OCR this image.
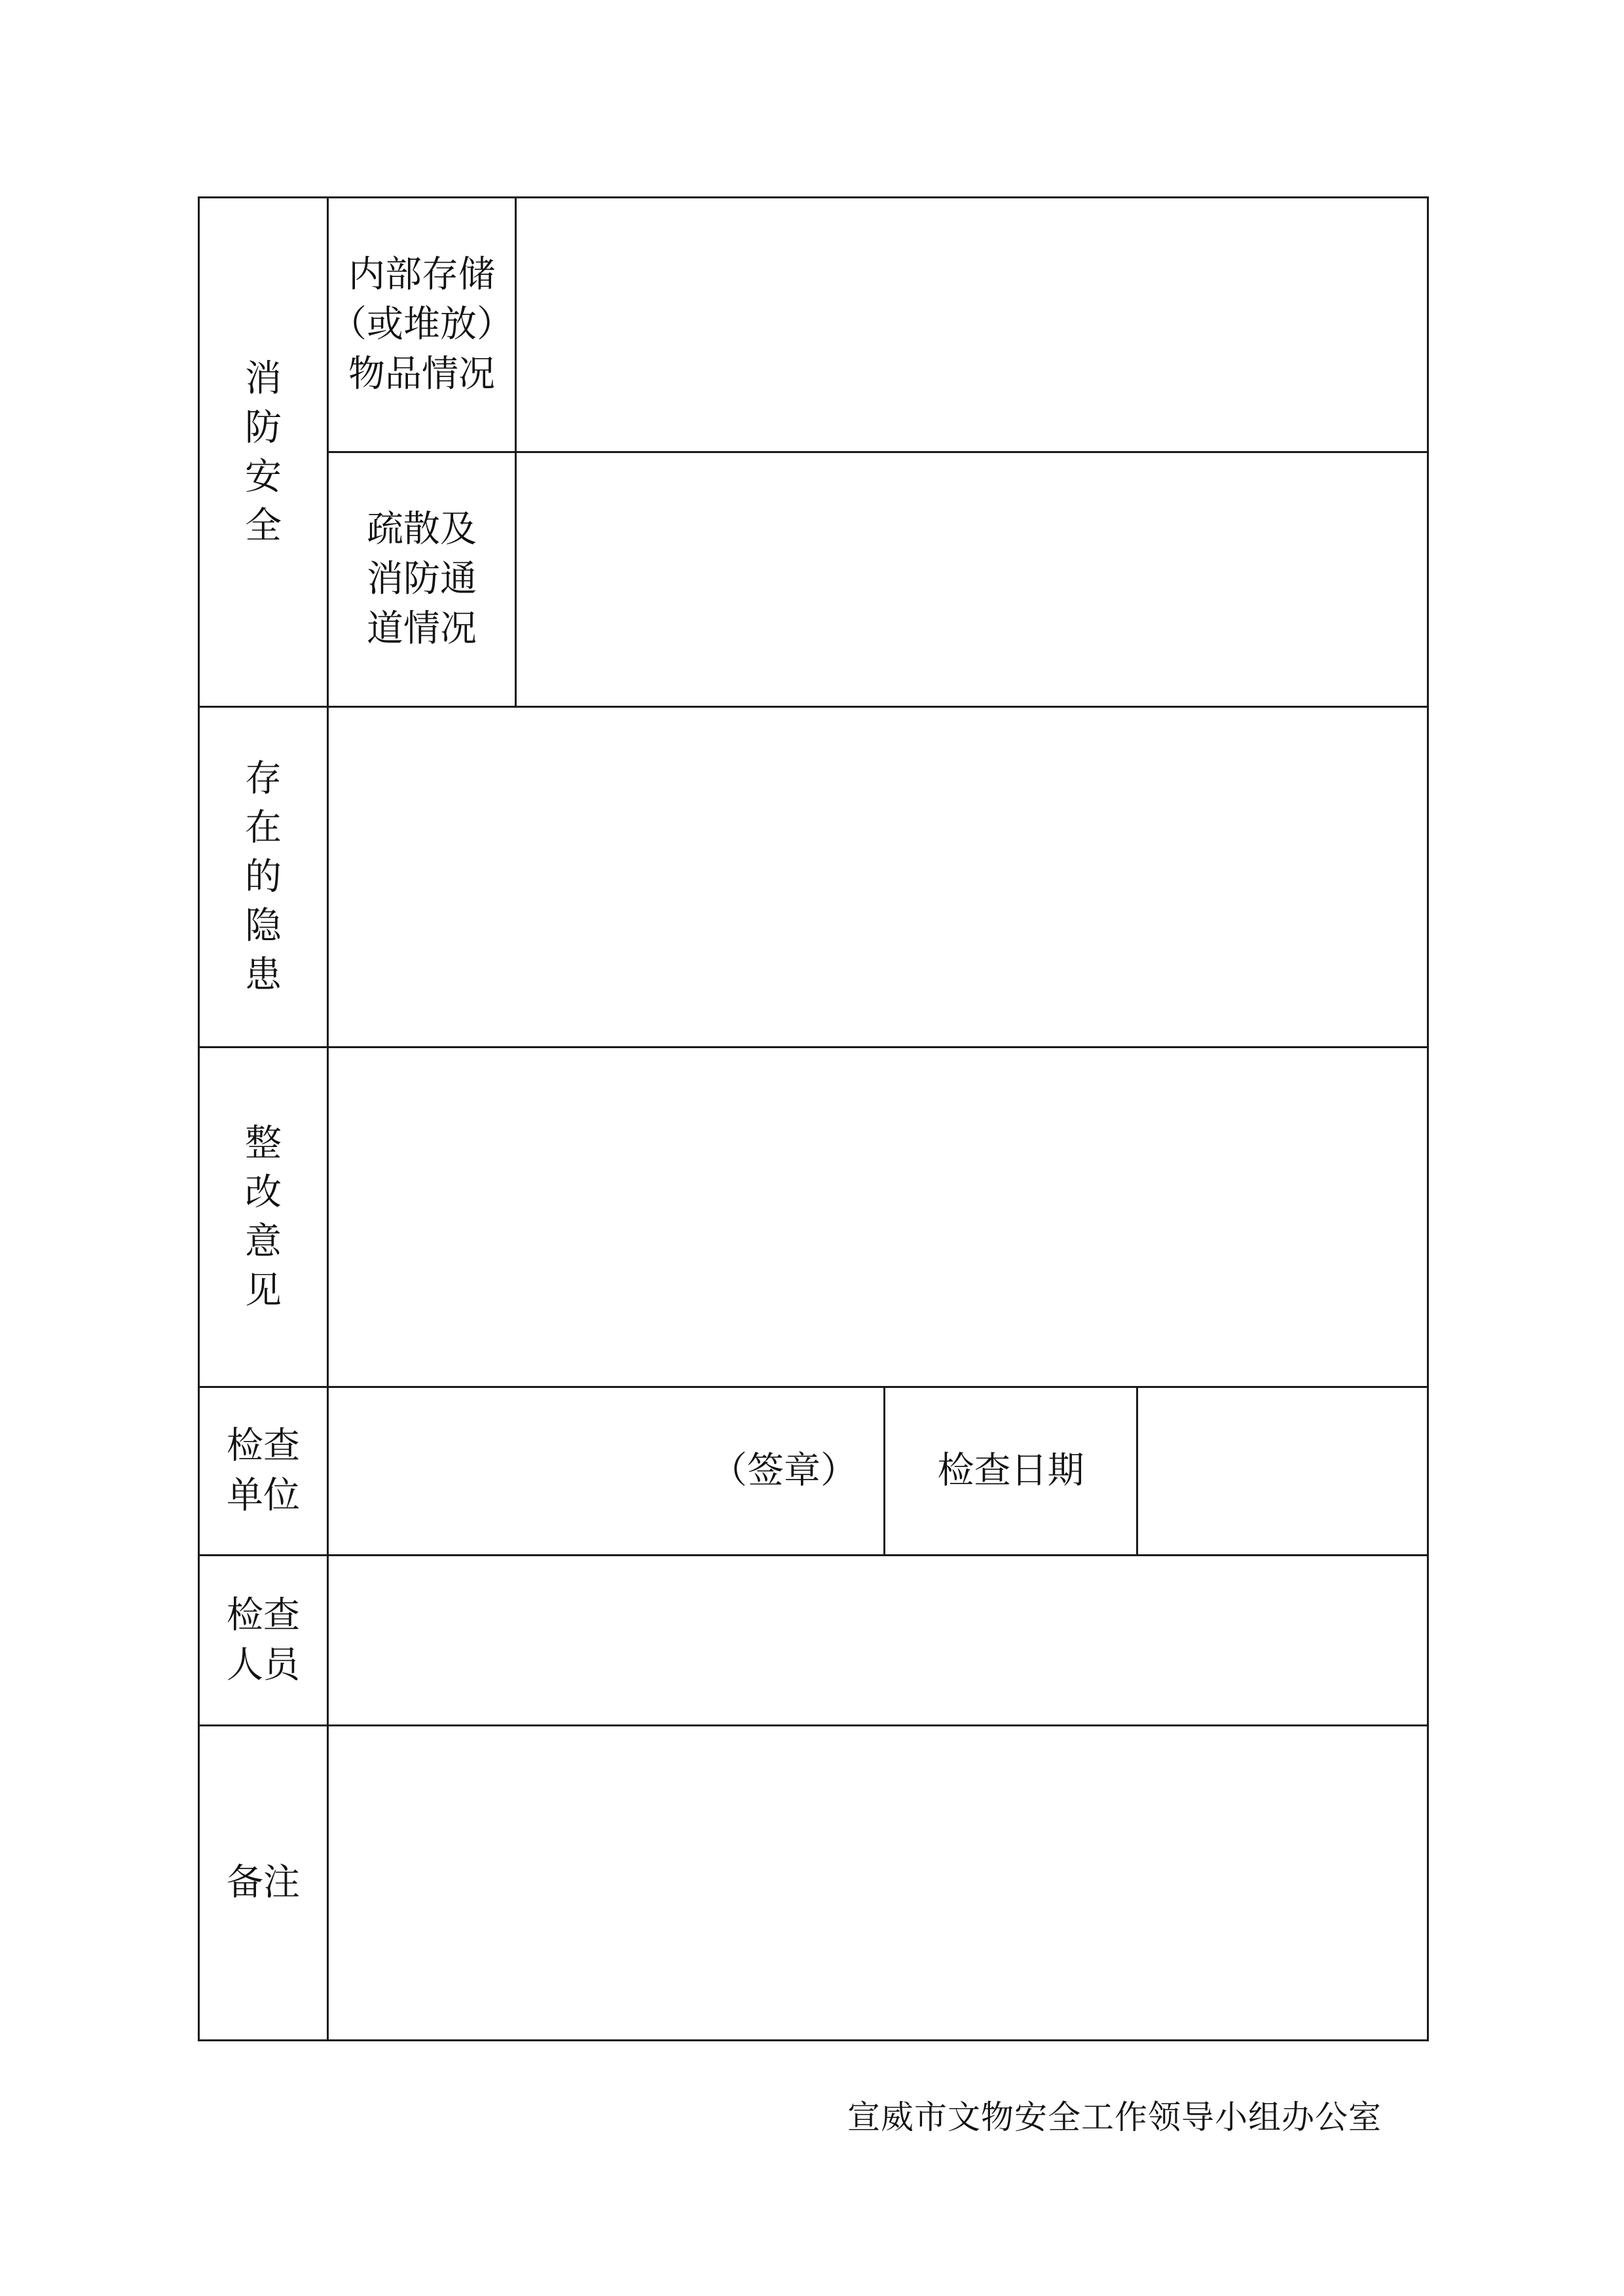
消
防
安
全
内部存储
（或堆放）
物品情况
疏散及
消防通
道情况
存
在
的
隐
患
整
改
意
见
检查
单位
（签章）	检查日期
检查
人员
备注
宣威市文物安全工作领导小组办公室
